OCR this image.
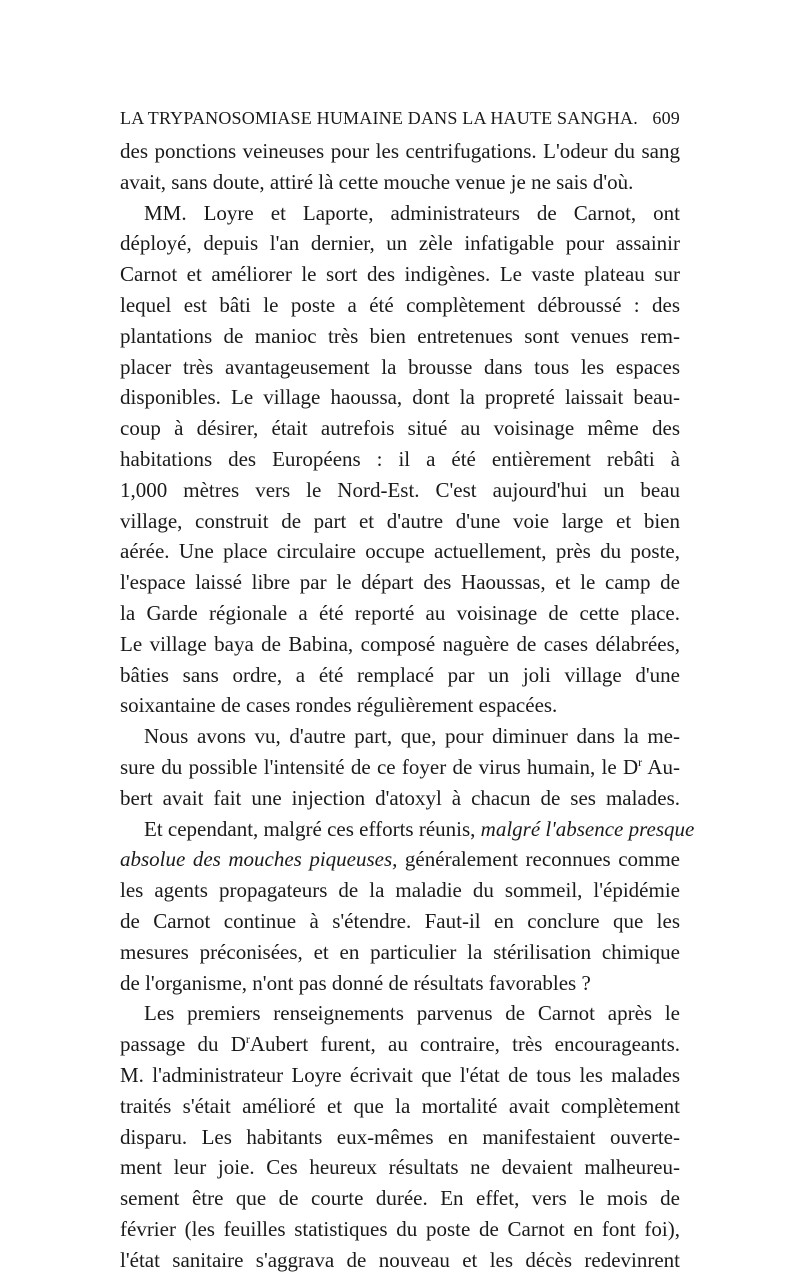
LA TRYPANOSOMIASE HUMAINE DANS LA HAUTE SANGHA. 609
des ponctions veineuses pour les centrifugations. L'odeur du sang
avait, sans doute, attiré là cette mouche venue je ne sais d'où.
MM. Loyre et Laporte, administrateurs de Carnot, ont
déployé, depuis l'an dernier, un zèle infatigable pour assainir
Carnot et améliorer le sort des indigènes. Le vaste plateau sur
lequel est bâti le poste a été complètement débroussé : des
plantations de manioc très bien entretenues sont venues rem-
placer très avantageusement la brousse dans tous les espaces
disponibles. Le village haoussa, dont la propreté laissait beau-
coup à désirer, était autrefois situé au voisinage même des
habitations des Européens : il a été entièrement rebâti à
1,000 mètres vers le Nord-Est. C'est aujourd'hui un beau
village, construit de part et d'autre d'une voie large et bien
aérée. Une place circulaire occupe actuellement, près du poste,
l'espace laissé libre par le départ des Haoussas, et le camp de
la Garde régionale a été reporté au voisinage de cette place.
Le village baya de Babina, composé naguère de cases délabrées,
bâties sans ordre, a été remplacé par un joli village d'une
soixantaine de cases rondes régulièrement espacées.
Nous avons vu, d'autre part, que, pour diminuer dans la me-
sure du possible l'intensité de ce foyer de virus humain, le $D^r$ Au-
bert avait fait une injection d'atoxyl à chacun de ses malades.
Et cependant, malgré ces efforts réunis, malgré l'absence presque
absolue des mouches piqueuses, généralement reconnues comme
les agents propagateurs de la maladie du sommeil, l'épidémie
de Carnot continue à s'étendre. Faut-il en conclure que les
mesures préconisées, et en particulier la stérilisation chimique
de l'organisme, n'ont pas donné de résultats favorables ?
Les premiers renseignements parvenus de Carnot après le
passage du $D^rAubert$ furent, au contraire, très encourageants.
M. l'administrateur Loyre écrivait que l'état de tous les malades
traités s'était amélioré et que la mortalité avait complètement
disparu. Les habitants eux-mêmes en manifestaient ouverte-
ment leur joie. Ces heureux résultats ne devaient malheureu-
sement être que de courte durée. En effet, vers le mois de
février (les feuilles statistiques du poste de Carnot en font foi),
l'état sanitaire s'aggrava de nouveau et les décès redevinrent
